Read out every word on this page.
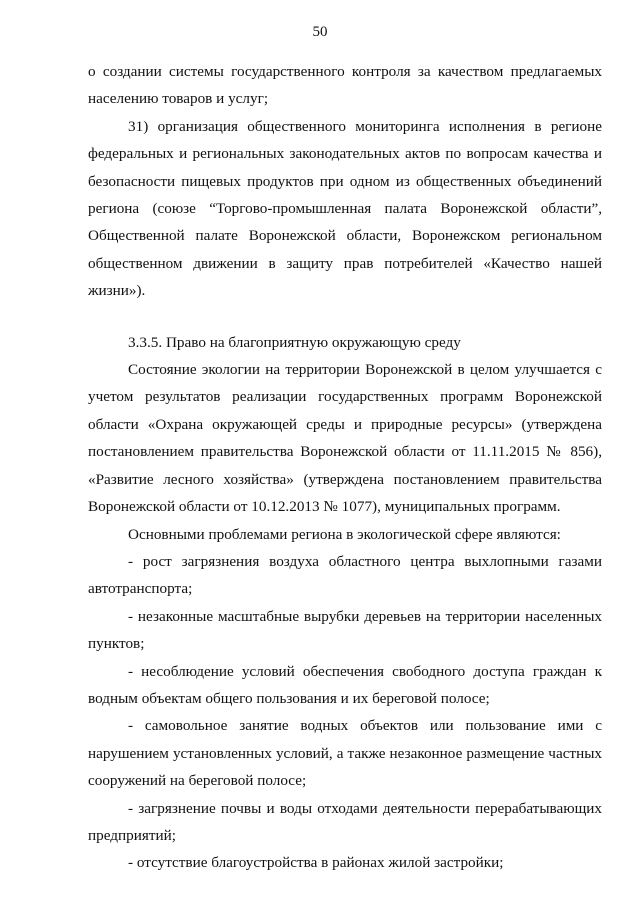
50

о создании системы государственного контроля за качеством предлагаемых населению товаров и услуг;

31) организация общественного мониторинга исполнения в регионе федеральных и региональных законодательных актов по вопросам качества и безопасности пищевых продуктов при одном из общественных объединений региона (союзе “Торгово-промышленная палата Воронежской области”, Общественной палате Воронежской области, Воронежском региональном общественном движении в защиту прав потребителей «Качество нашей жизни»).

3.3.5. Право на благоприятную окружающую среду

Состояние экологии на территории Воронежской в целом улучшается с учетом результатов реализации государственных программ Воронежской области «Охрана окружающей среды и природные ресурсы» (утверждена постановлением правительства Воронежской области от 11.11.2015 № 856), «Развитие лесного хозяйства» (утверждена постановлением правительства Воронежской области от 10.12.2013 № 1077), муниципальных программ.

Основными проблемами региона в экологической сфере являются:

- рост загрязнения воздуха областного центра выхлопными газами автотранспорта;

- незаконные масштабные вырубки деревьев на территории населенных пунктов;

- несоблюдение условий обеспечения свободного доступа граждан к водным объектам общего пользования и их береговой полосе;

- самовольное занятие водных объектов или пользование ими с нарушением установленных условий, а также незаконное размещение частных сооружений на береговой полосе;

- загрязнение почвы и воды отходами деятельности перерабатывающих предприятий;

- отсутствие благоустройства в районах жилой застройки;
